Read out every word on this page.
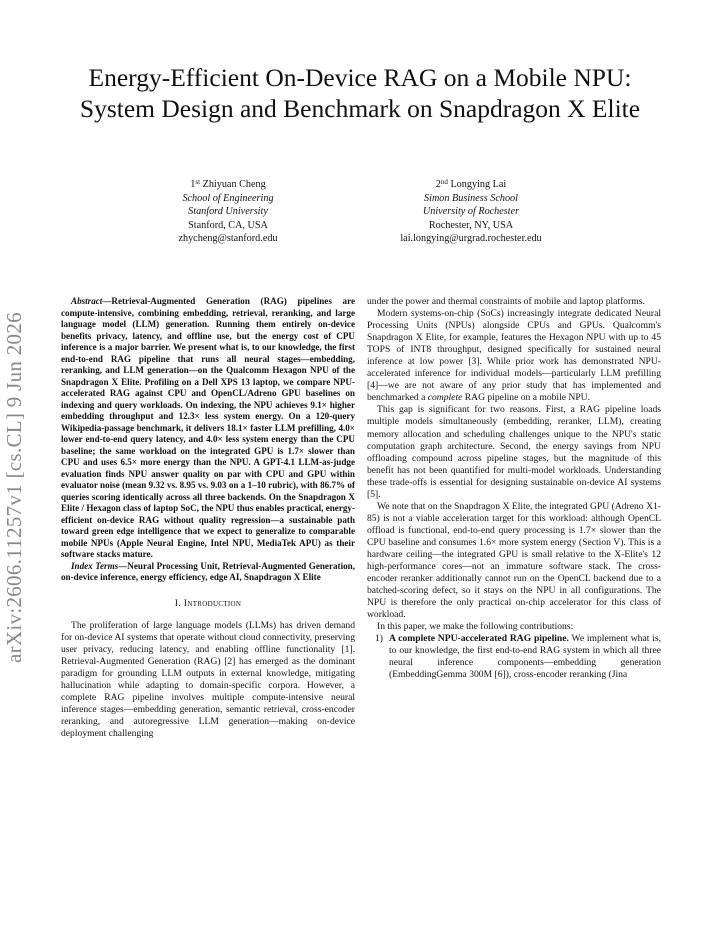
Energy-Efficient On-Device RAG on a Mobile NPU: System Design and Benchmark on Snapdragon X Elite
1st Zhiyuan Cheng
School of Engineering
Stanford University
Stanford, CA, USA
zhycheng@stanford.edu
2nd Longying Lai
Simon Business School
University of Rochester
Rochester, NY, USA
lai.longying@urgrad.rochester.edu
arXiv:2606.11257v1 [cs.CL] 9 Jun 2026

Abstract—Retrieval-Augmented Generation (RAG) pipelines are compute-intensive, combining embedding, retrieval, reranking, and large language model (LLM) generation. Running them entirely on-device benefits privacy, latency, and offline use, but the energy cost of CPU inference is a major barrier. We present what is, to our knowledge, the first end-to-end RAG pipeline that runs all neural stages—embedding, reranking, and LLM generation—on the Qualcomm Hexagon NPU of the Snapdragon X Elite. Profiling on a Dell XPS 13 laptop, we compare NPU-accelerated RAG against CPU and OpenCL/Adreno GPU baselines on indexing and query workloads. On indexing, the NPU achieves 9.1× higher embedding throughput and 12.3× less system energy. On a 120-query Wikipedia-passage benchmark, it delivers 18.1× faster LLM prefilling, 4.0× lower end-to-end query latency, and 4.0× less system energy than the CPU baseline; the same workload on the integrated GPU is 1.7× slower than CPU and uses 6.5× more energy than the NPU. A GPT-4.1 LLM-as-judge evaluation finds NPU answer quality on par with CPU and GPU within evaluator noise (mean 9.32 vs. 8.95 vs. 9.03 on a 1–10 rubric), with 86.7% of queries scoring identically across all three backends. On the Snapdragon X Elite / Hexagon class of laptop SoC, the NPU thus enables practical, energy-efficient on-device RAG without quality regression—a sustainable path toward green edge intelligence that we expect to generalize to comparable mobile NPUs (Apple Neural Engine, Intel NPU, MediaTek APU) as their software stacks mature.

Index Terms—Neural Processing Unit, Retrieval-Augmented Generation, on-device inference, energy efficiency, edge AI, Snapdragon X Elite

I. Introduction

The proliferation of large language models (LLMs) has driven demand for on-device AI systems that operate without cloud connectivity, preserving user privacy, reducing latency, and enabling offline functionality [1]. Retrieval-Augmented Generation (RAG) [2] has emerged as the dominant paradigm for grounding LLM outputs in external knowledge, mitigating hallucination while adapting to domain-specific corpora. However, a complete RAG pipeline involves multiple compute-intensive neural inference stages—embedding generation, semantic retrieval, cross-encoder reranking, and autoregressive LLM generation—making on-device deployment challenging

under the power and thermal constraints of mobile and laptop platforms.

Modern systems-on-chip (SoCs) increasingly integrate dedicated Neural Processing Units (NPUs) alongside CPUs and GPUs. Qualcomm's Snapdragon X Elite, for example, features the Hexagon NPU with up to 45 TOPS of INT8 throughput, designed specifically for sustained neural inference at low power [3]. While prior work has demonstrated NPU-accelerated inference for individual models—particularly LLM prefilling [4]—we are not aware of any prior study that has implemented and benchmarked a complete RAG pipeline on a mobile NPU.

This gap is significant for two reasons. First, a RAG pipeline loads multiple models simultaneously (embedding, reranker, LLM), creating memory allocation and scheduling challenges unique to the NPU's static computation graph architecture. Second, the energy savings from NPU offloading compound across pipeline stages, but the magnitude of this benefit has not been quantified for multi-model workloads. Understanding these trade-offs is essential for designing sustainable on-device AI systems [5].

We note that on the Snapdragon X Elite, the integrated GPU (Adreno X1-85) is not a viable acceleration target for this workload: although OpenCL offload is functional, end-to-end query processing is 1.7× slower than the CPU baseline and consumes 1.6× more system energy (Section V). This is a hardware ceiling—the integrated GPU is small relative to the X-Elite's 12 high-performance cores—not an immature software stack. The cross-encoder reranker additionally cannot run on the OpenCL backend due to a batched-scoring defect, so it stays on the NPU in all configurations. The NPU is therefore the only practical on-chip accelerator for this class of workload.

In this paper, we make the following contributions:

1) A complete NPU-accelerated RAG pipeline. We implement what is, to our knowledge, the first end-to-end RAG system in which all three neural inference components—embedding generation (EmbeddingGemma 300M [6]), cross-encoder reranking (Jina
